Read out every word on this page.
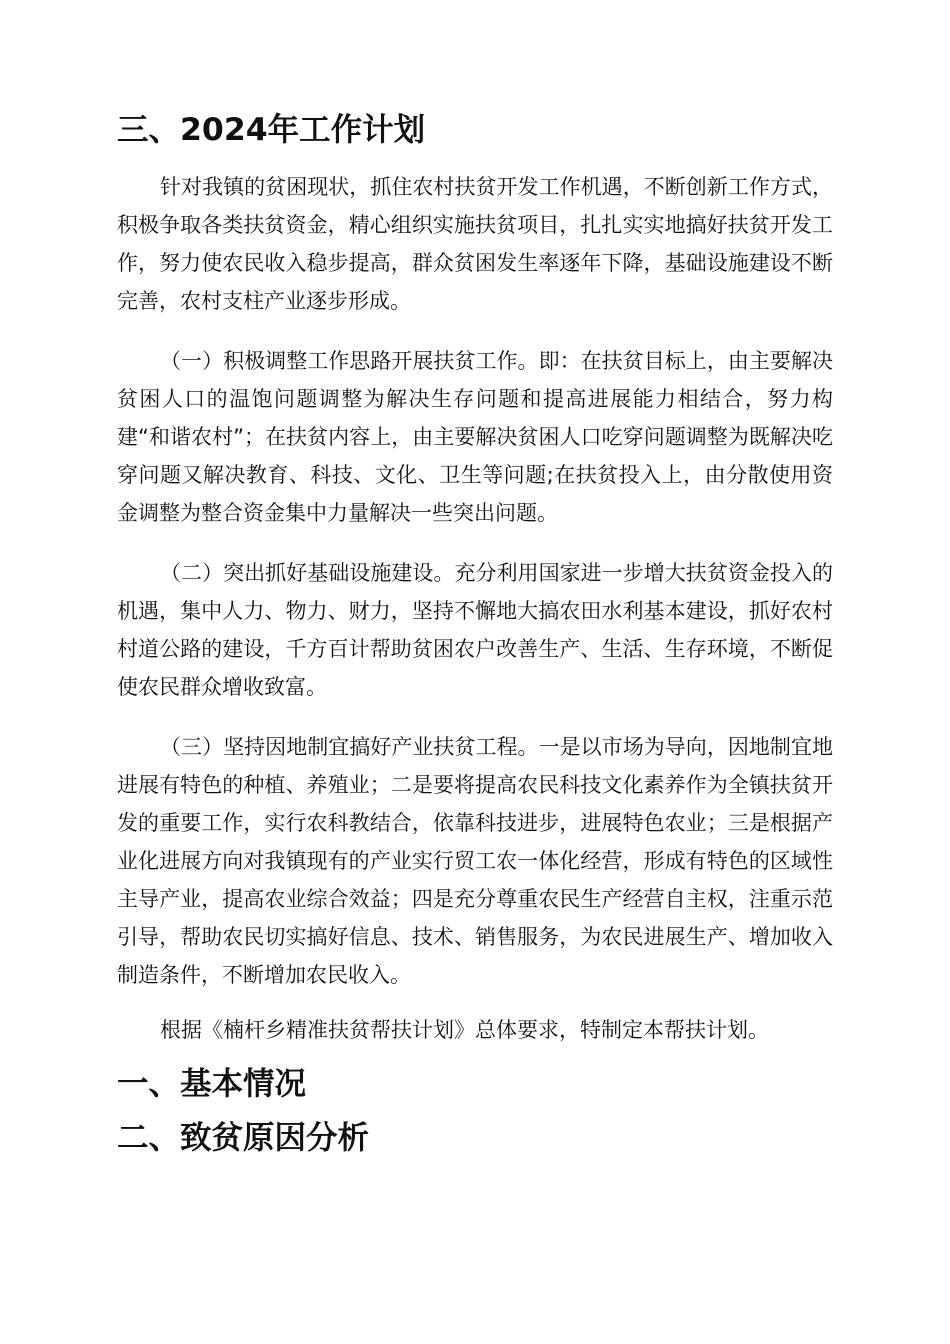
三、2024年工作计划

针对我镇的贫困现状，抓住农村扶贫开发工作机遇，不断创新工作方式，积极争取各类扶贫资金，精心组织实施扶贫项目，扎扎实实地搞好扶贫开发工作，努力使农民收入稳步提高，群众贫困发生率逐年下降，基础设施建设不断完善，农村支柱产业逐步形成。

（一）积极调整工作思路开展扶贫工作。即：在扶贫目标上，由主要解决贫困人口的温饱问题调整为解决生存问题和提高进展能力相结合，努力构建“和谐农村”；在扶贫内容上，由主要解决贫困人口吃穿问题调整为既解决吃穿问题又解决教育、科技、文化、卫生等问题;在扶贫投入上，由分散使用资金调整为整合资金集中力量解决一些突出问题。

（二）突出抓好基础设施建设。充分利用国家进一步增大扶贫资金投入的机遇，集中人力、物力、财力，坚持不懈地大搞农田水利基本建设，抓好农村村道公路的建设，千方百计帮助贫困农户改善生产、生活、生存环境，不断促使农民群众增收致富。

（三）坚持因地制宜搞好产业扶贫工程。一是以市场为导向，因地制宜地进展有特色的种植、养殖业；二是要将提高农民科技文化素养作为全镇扶贫开发的重要工作，实行农科教结合，依靠科技进步，进展特色农业；三是根据产业化进展方向对我镇现有的产业实行贸工农一体化经营，形成有特色的区域性主导产业，提高农业综合效益；四是充分尊重农民生产经营自主权，注重示范引导，帮助农民切实搞好信息、技术、销售服务，为农民进展生产、增加收入制造条件，不断增加农民收入。

根据《楠杆乡精准扶贫帮扶计划》总体要求，特制定本帮扶计划。

一、基本情况
二、致贫原因分析
